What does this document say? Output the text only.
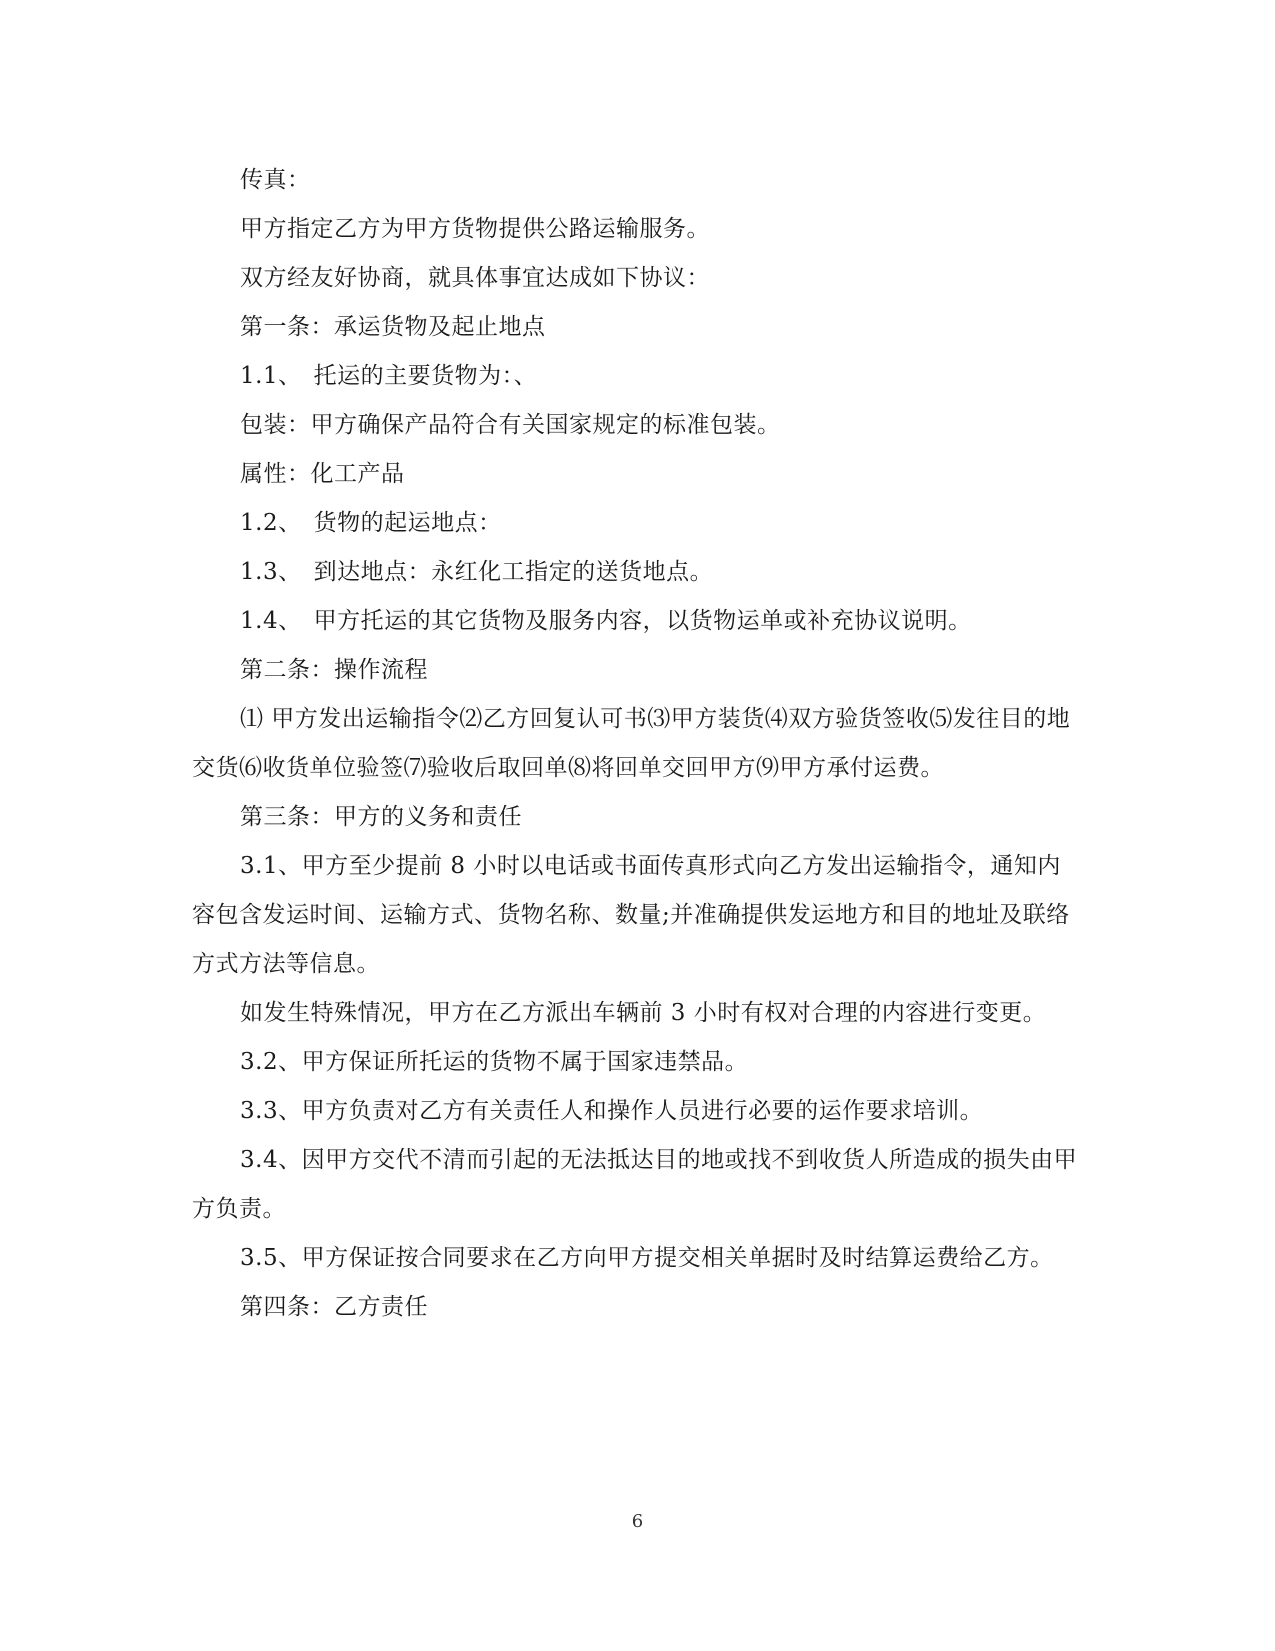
传真：

甲方指定乙方为甲方货物提供公路运输服务。

双方经友好协商，就具体事宜达成如下协议：

第一条：承运货物及起止地点

1.1、　托运的主要货物为：、

包装：甲方确保产品符合有关国家规定的标准包装。

属性：化工产品

1.2、　货物的起运地点：

1.3、　到达地点：永红化工指定的送货地点。

1.4、　甲方托运的其它货物及服务内容，以货物运单或补充协议说明。

第二条：操作流程

⑴ 甲方发出运输指令⑵乙方回复认可书⑶甲方装货⑷双方验货签收⑸发往目的地交货⑹收货单位验签⑺验收后取回单⑻将回单交回甲方⑼甲方承付运费。

第三条：甲方的义务和责任

3.1、甲方至少提前 8 小时以电话或书面传真形式向乙方发出运输指令，通知内容包含发运时间、运输方式、货物名称、数量;并准确提供发运地方和目的地址及联络方式方法等信息。

如发生特殊情况，甲方在乙方派出车辆前 3 小时有权对合理的内容进行变更。

3.2、甲方保证所托运的货物不属于国家违禁品。

3.3、甲方负责对乙方有关责任人和操作人员进行必要的运作要求培训。

3.4、因甲方交代不清而引起的无法抵达目的地或找不到收货人所造成的损失由甲方负责。

3.5、甲方保证按合同要求在乙方向甲方提交相关单据时及时结算运费给乙方。

第四条：乙方责任

6
